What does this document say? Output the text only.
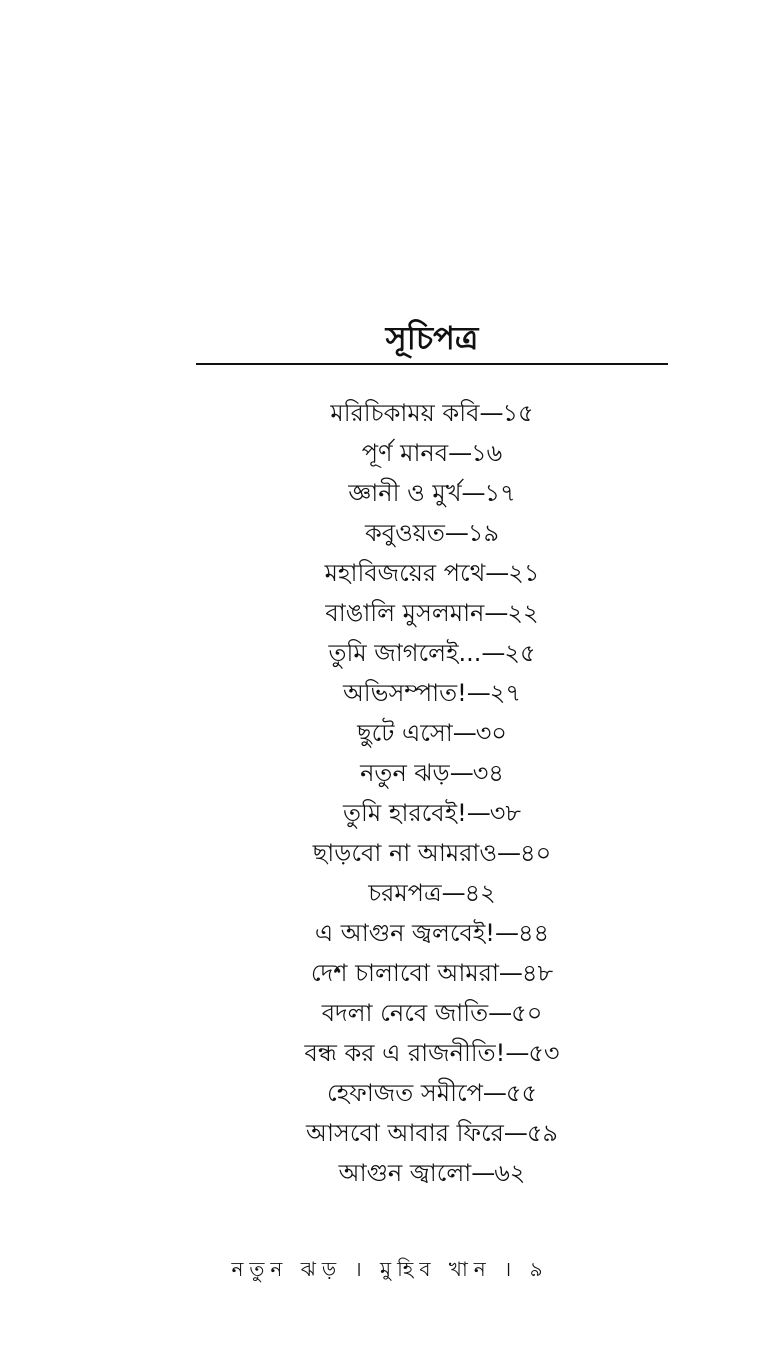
সূচিপত্র
মরিচিকাময় কবি—১৫
পূর্ণ মানব—১৬
জ্ঞানী ও মুর্খ—১৭
কবুওয়ত—১৯
মহাবিজয়ের পথে—২১
বাঙালি মুসলমান—২২
তুমি জাগলেই...—২৫
অভিসম্পাত!—২৭
ছুটে এসো—৩০
নতুন ঝড়—৩৪
তুমি হারবেই!—৩৮
ছাড়বো না আমরাও—৪০
চরমপত্র—৪২
এ আগুন জ্বলবেই!—৪৪
দেশ চালাবো আমরা—৪৮
বদলা নেবে জাতি—৫০
বন্ধ কর এ রাজনীতি!—৫৩
হেফাজত সমীপে—৫৫
আসবো আবার ফিরে—৫৯
আগুন জ্বালো—৬২
নতুন ঝড় । মুহিব খান । ৯
